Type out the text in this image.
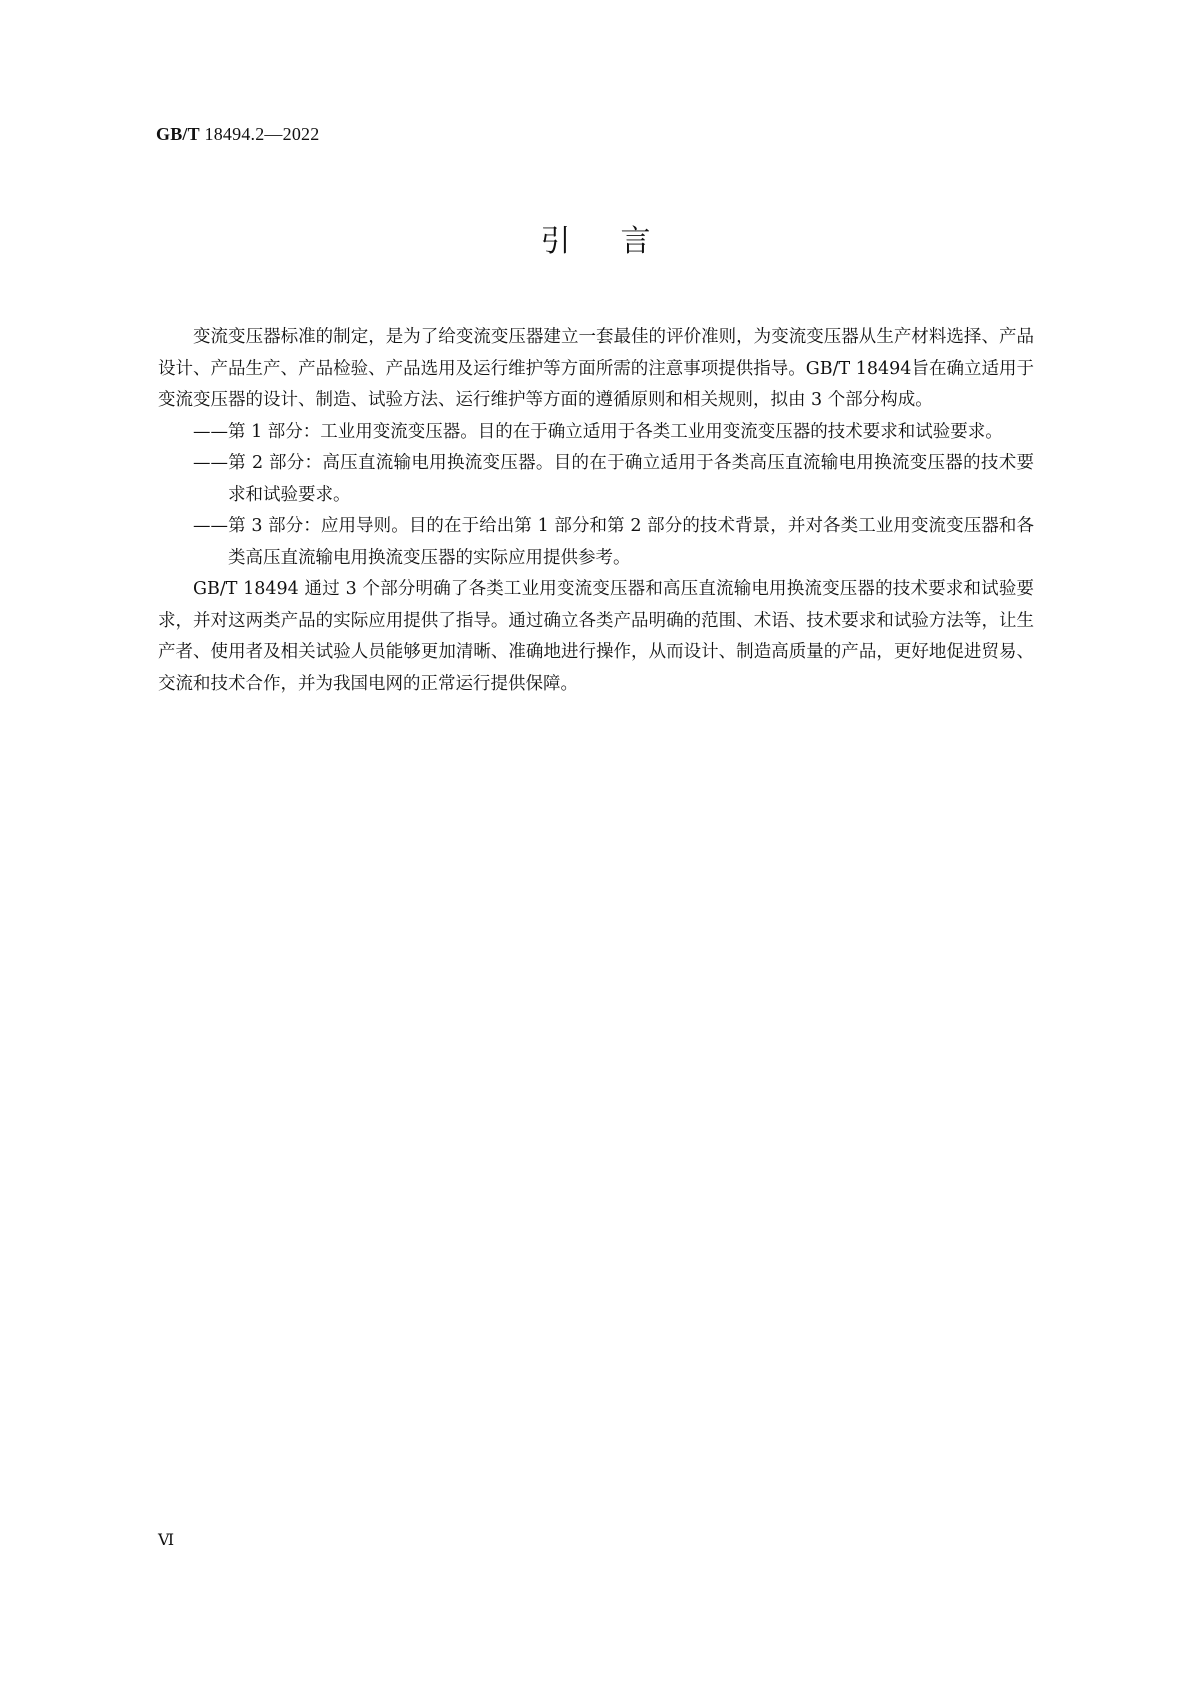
GB/T 18494.2—2022
引言

变流变压器标准的制定，是为了给变流变压器建立一套最佳的评价准则，为变流变压器从生产材料选择、产品设计、产品生产、产品检验、产品选用及运行维护等方面所需的注意事项提供指导。GB/T 18494旨在确立适用于变流变压器的设计、制造、试验方法、运行维护等方面的遵循原则和相关规则，拟由 3 个部分构成。

——第 1 部分：工业用变流变压器。目的在于确立适用于各类工业用变流变压器的技术要求和试验要求。

——第 2 部分：高压直流输电用换流变压器。目的在于确立适用于各类高压直流输电用换流变压器的技术要求和试验要求。

——第 3 部分：应用导则。目的在于给出第 1 部分和第 2 部分的技术背景，并对各类工业用变流变压器和各类高压直流输电用换流变压器的实际应用提供参考。

GB/T 18494 通过 3 个部分明确了各类工业用变流变压器和高压直流输电用换流变压器的技术要求和试验要求，并对这两类产品的实际应用提供了指导。通过确立各类产品明确的范围、术语、技术要求和试验方法等，让生产者、使用者及相关试验人员能够更加清晰、准确地进行操作，从而设计、制造高质量的产品，更好地促进贸易、交流和技术合作，并为我国电网的正常运行提供保障。

Ⅵ
